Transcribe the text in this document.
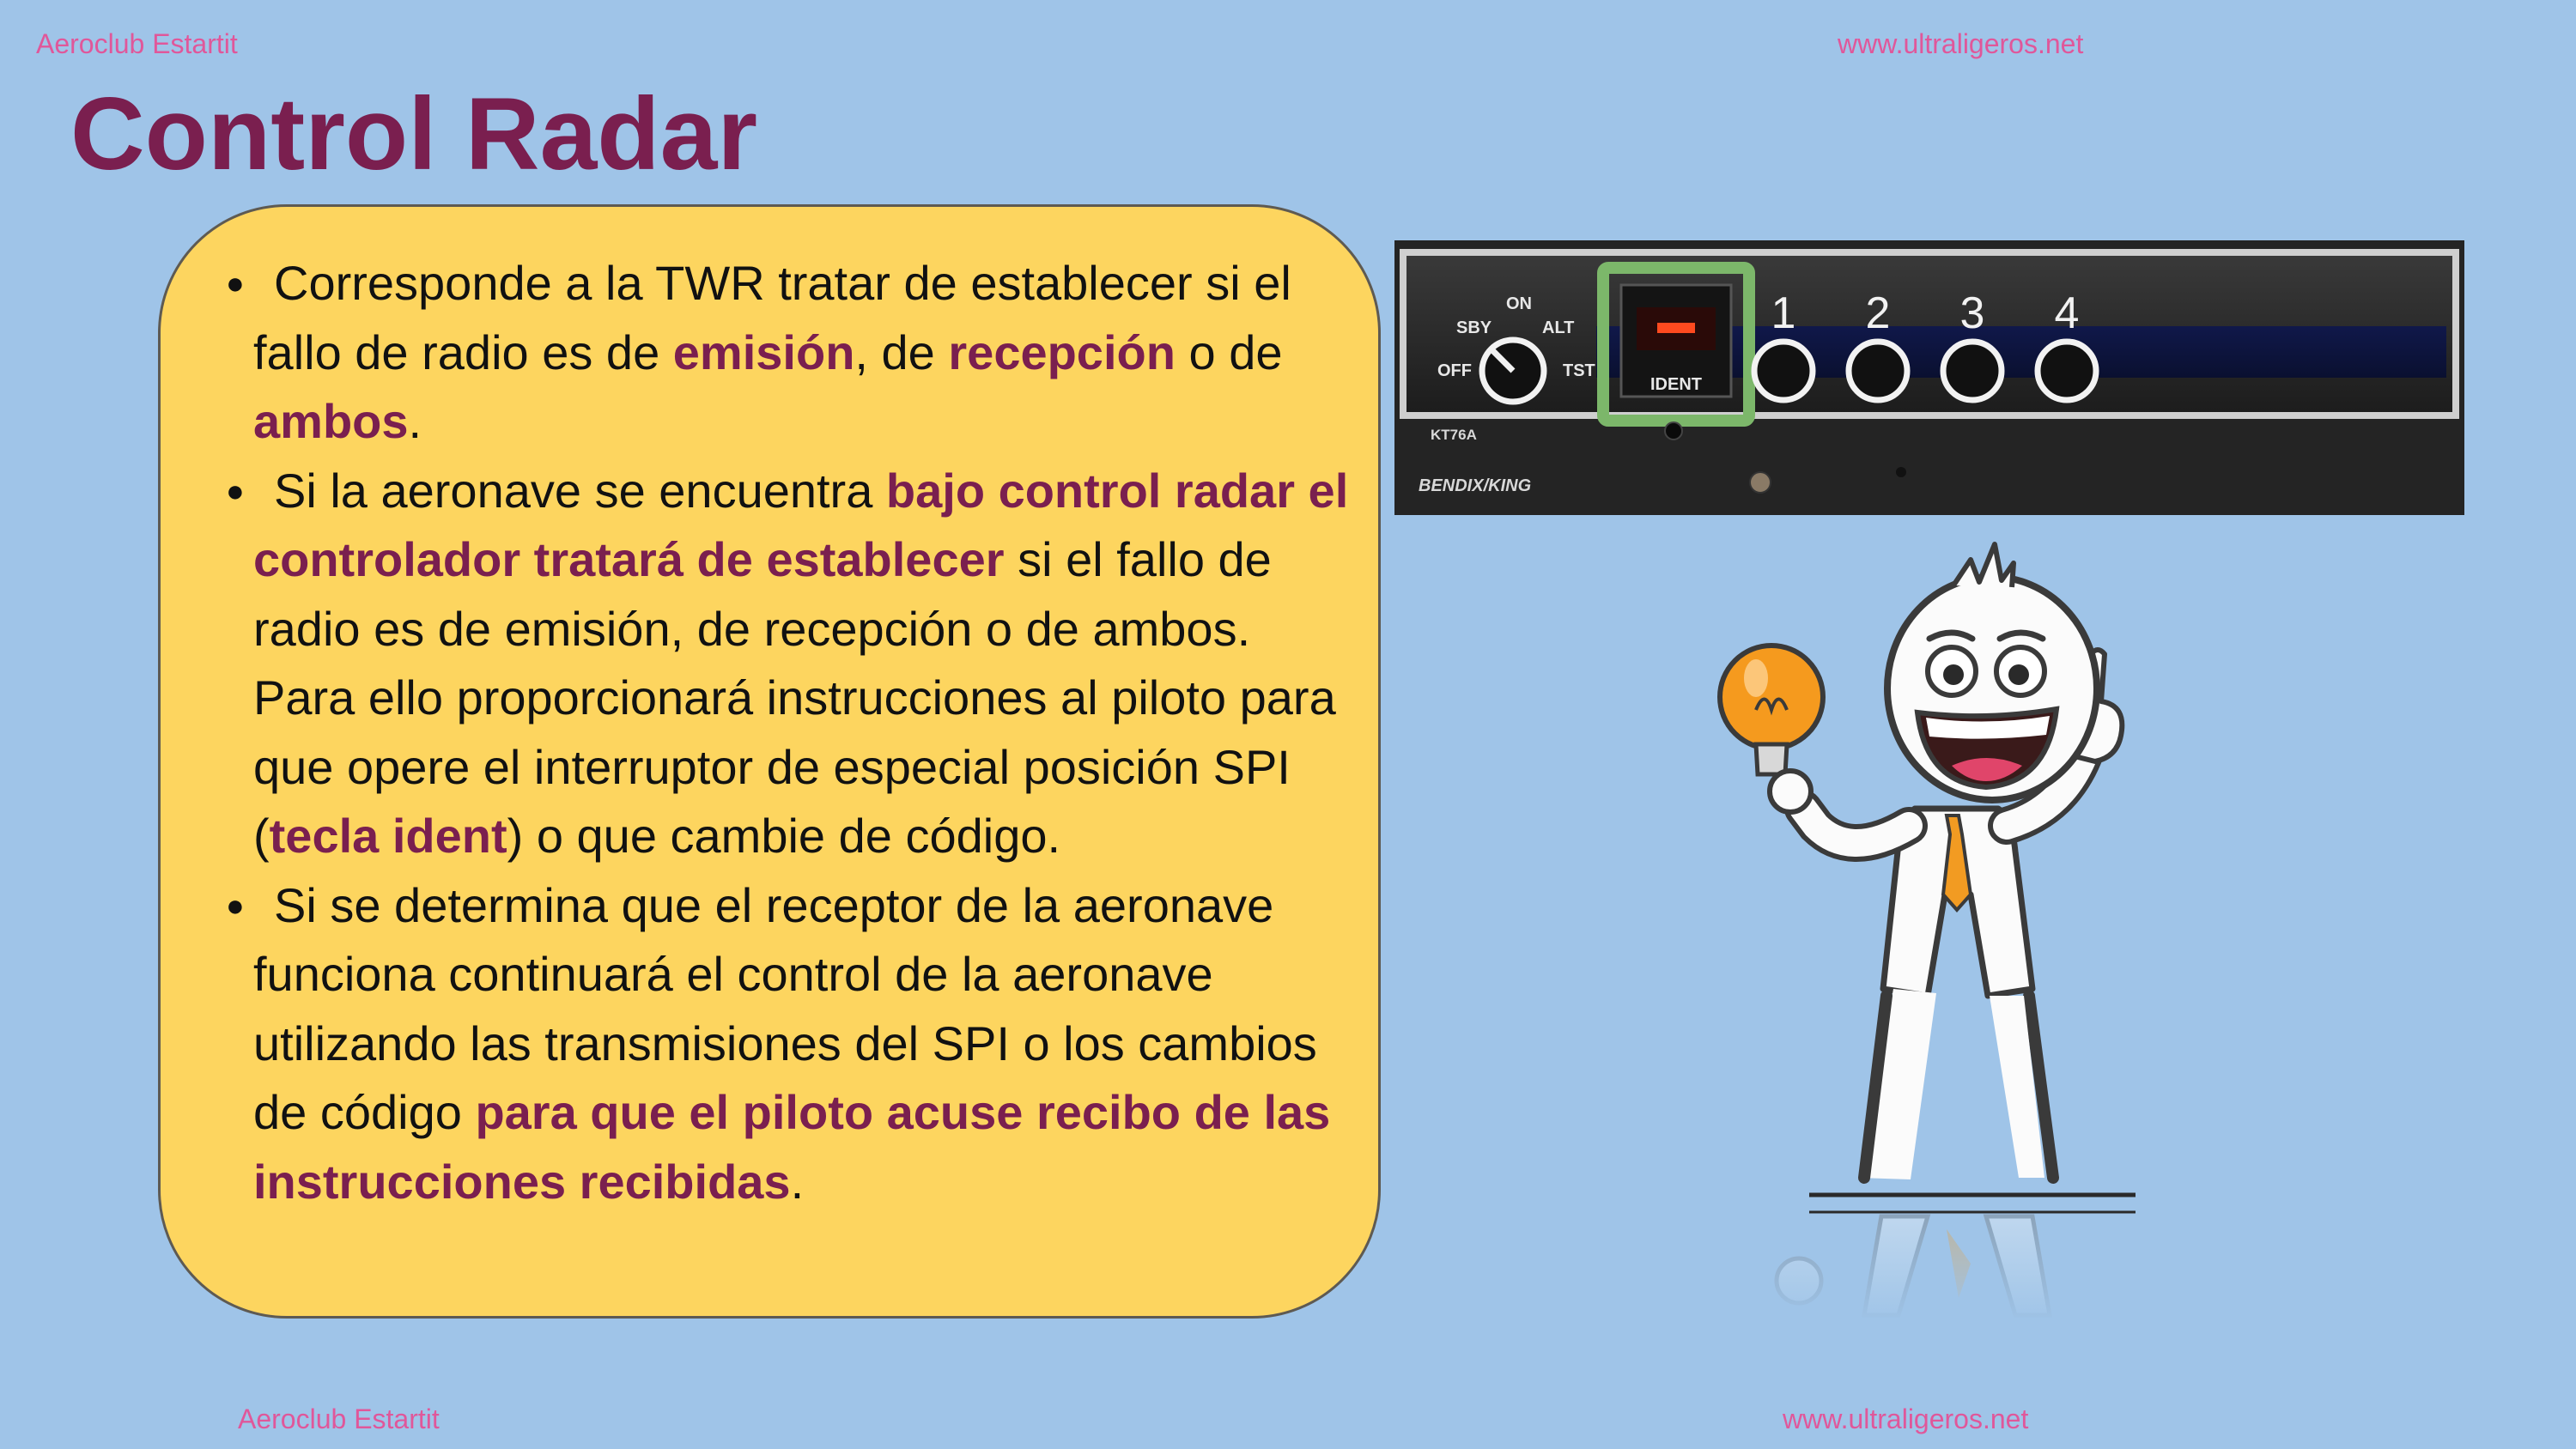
Aeroclub Estartit	www.ultraligeros.net
Aeroclub Estartit	www.ultraligeros.net
Control Radar
● Corresponde a la TWR tratar de establecer si el fallo de radio es de emisión, de recepción o de ambos.
● Si la aeronave se encuentra bajo control radar el controlador tratará de establecer si el fallo de radio es de emisión, de recepción o de ambos. Para ello proporcionará instrucciones al piloto para que opere el interruptor de especial posición SPI (tecla ident) o que cambie de código.
● Si se determina que el receptor de la aeronave funciona continuará el control de la aeronave utilizando las transmisiones del SPI o los cambios de código para que el piloto acuse recibo de las instrucciones recibidas.
SBY
ON
ALT
OFF	TST
IDENT
KT76A
BENDIX/KING
1 2 3 4
